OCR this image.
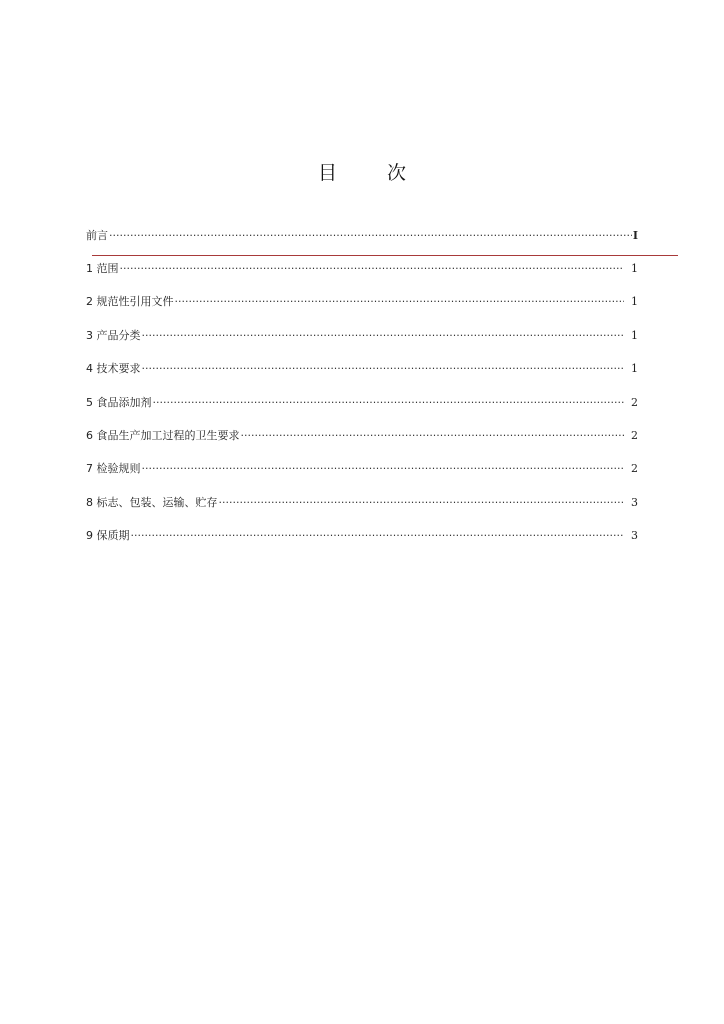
目	次
前言 ·····	I
1 范围 ·····	1
2 规范性引用文件 ·····	1
3 产品分类 ·····	1
4 技术要求 ·····	1
5 食品添加剂 ·····	2
6 食品生产加工过程的卫生要求 ·····	2
7 检验规则 ·····	2
8 标志、包装、运输、贮存 ·····	3
9 保质期 ·····	3
